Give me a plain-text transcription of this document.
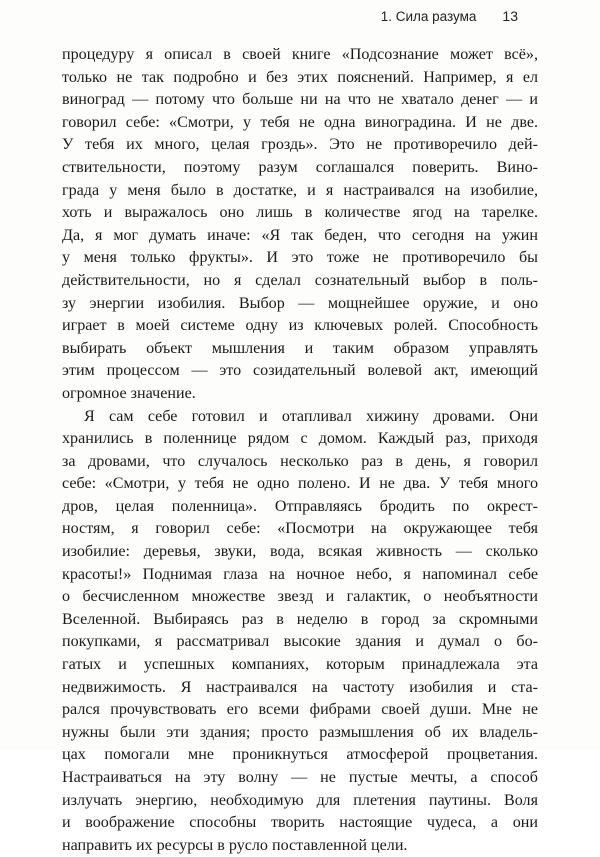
1. Сила разума 13
процедуру я описал в своей книге «Подсознание может всё»,
только не так подробно и без этих пояснений. Например, я ел
виноград — потому что больше ни на что не хватало денег — и
говорил себе: «Смотри, у тебя не одна виноградина. И не две.
У тебя их много, целая гроздь». Это не противоречило дей-
ствительности, поэтому разум соглашался поверить. Вино-
града у меня было в достатке, и я настраивался на изобилие,
хоть и выражалось оно лишь в количестве ягод на тарелке.
Да, я мог думать иначе: «Я так беден, что сегодня на ужин
у меня только фрукты». И это тоже не противоречило бы
действительности, но я сделал сознательный выбор в поль-
зу энергии изобилия. Выбор — мощнейшее оружие, и оно
играет в моей системе одну из ключевых ролей. Способность
выбирать объект мышления и таким образом управлять
этим процессом — это созидательный волевой акт, имеющий
огромное значение.
Я сам себе готовил и отапливал хижину дровами. Они
хранились в поленнице рядом с домом. Каждый раз, приходя
за дровами, что случалось несколько раз в день, я говорил
себе: «Смотри, у тебя не одно полено. И не два. У тебя много
дров, целая поленница». Отправляясь бродить по окрест-
ностям, я говорил себе: «Посмотри на окружающее тебя
изобилие: деревья, звуки, вода, всякая живность — сколько
красоты!» Поднимая глаза на ночное небо, я напоминал себе
о бесчисленном множестве звезд и галактик, о необъятности
Вселенной. Выбираясь раз в неделю в город за скромными
покупками, я рассматривал высокие здания и думал о бо-
гатых и успешных компаниях, которым принадлежала эта
недвижимость. Я настраивался на частоту изобилия и ста-
рался прочувствовать его всеми фибрами своей души. Мне не
нужны были эти здания; просто размышления об их владель-
цах помогали мне проникнуться атмосферой процветания.
Настраиваться на эту волну — не пустые мечты, а способ
излучать энергию, необходимую для плетения паутины. Воля
и воображение способны творить настоящие чудеса, а они
направить их ресурсы в русло поставленной цели.
